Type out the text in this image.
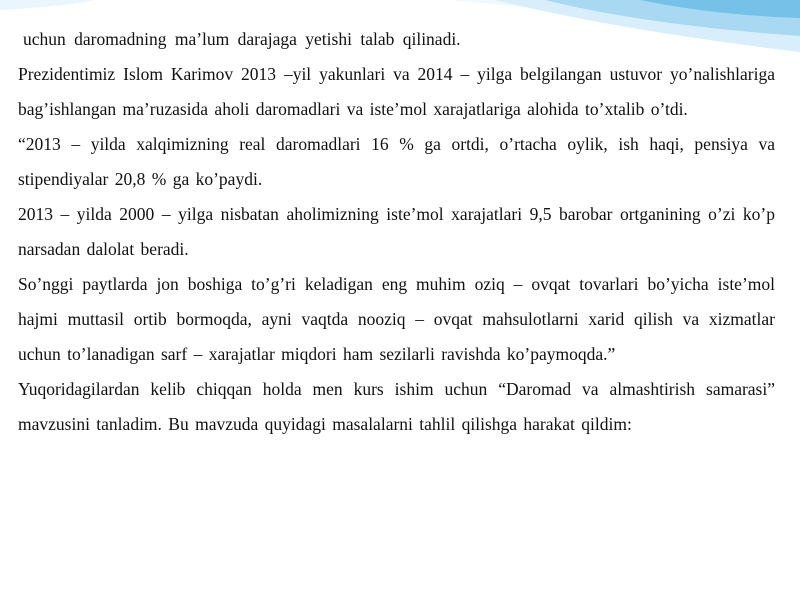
uchun daromadning ma’lum darajaga yetishi talab qilinadi.

Prezidentimiz Islom Karimov 2013 –yil yakunlari va 2014 – yilga belgilangan ustuvor yo’nalishlariga bag’ishlangan ma’ruzasida aholi daromadlari va iste’mol xarajatlariga alohida to’xtalib o’tdi.

“2013 – yilda xalqimizning real daromadlari 16 % ga ortdi, o’rtacha oylik, ish haqi, pensiya va stipendiyalar 20,8 % ga ko’paydi.

2013 – yilda 2000 – yilga nisbatan aholimizning iste’mol xarajatlari 9,5 barobar ortganining o’zi ko’p narsadan dalolat beradi.

So’nggi paytlarda jon boshiga to’g’ri keladigan eng muhim oziq – ovqat tovarlari bo’yicha iste’mol hajmi muttasil ortib bormoqda, ayni vaqtda nooziq – ovqat mahsulotlarni xarid qilish va xizmatlar uchun to’lanadigan sarf – xarajatlar miqdori ham sezilarli ravishda ko’paymoqda.”

Yuqoridagilardan kelib chiqqan holda men kurs ishim uchun “Daromad va almashtirish samarasi” mavzusini tanladim. Bu mavzuda quyidagi masalalarni tahlil qilishga harakat qildim:
